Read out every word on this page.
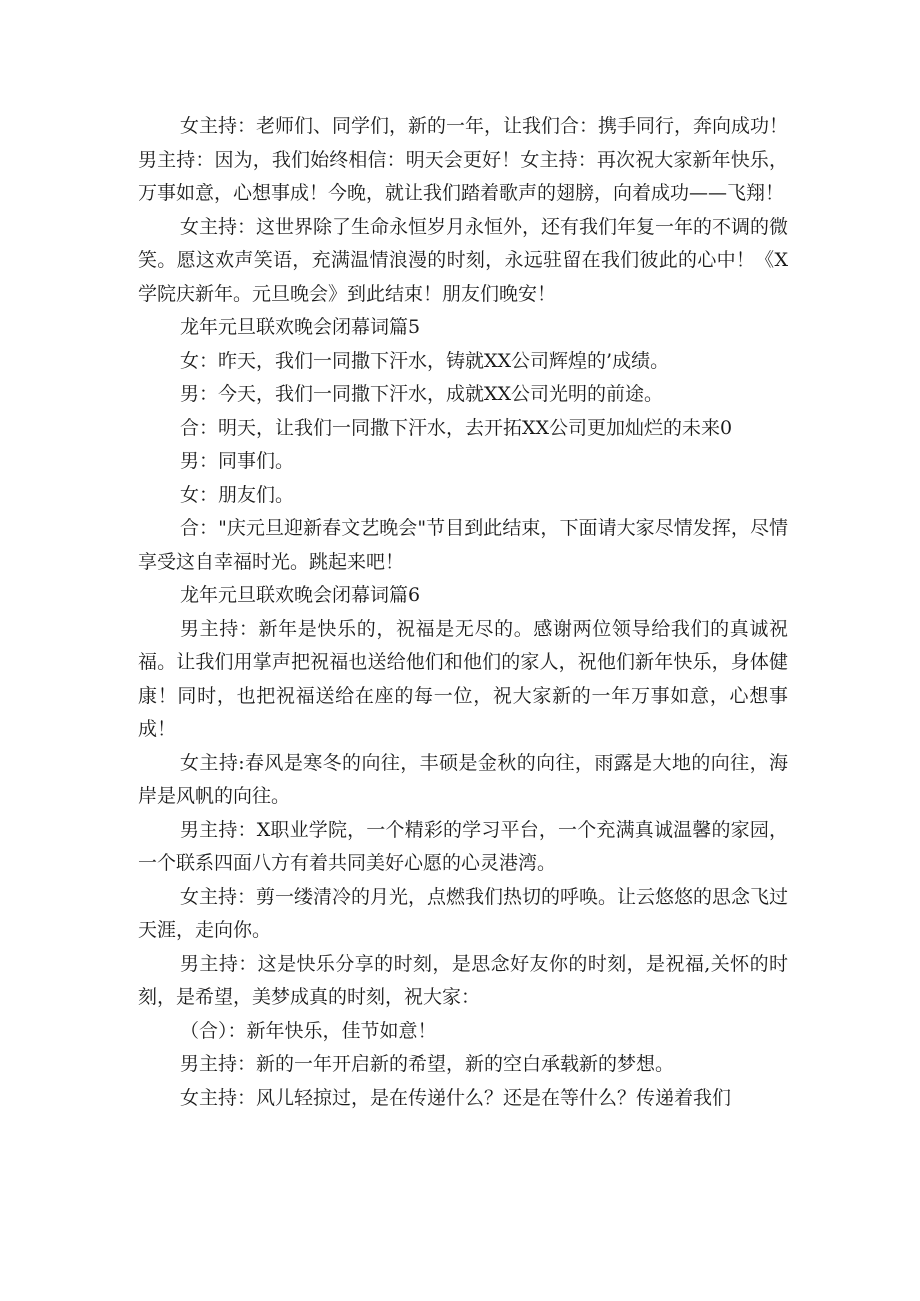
女主持：老师们、同学们，新的一年，让我们合：携手同行，奔向成功！男主持：因为，我们始终相信：明天会更好！女主持：再次祝大家新年快乐，万事如意，心想事成！今晚，就让我们踏着歌声的翅膀，向着成功——飞翔！

女主持：这世界除了生命永恒岁月永恒外，还有我们年复一年的不调的微笑。愿这欢声笑语，充满温情浪漫的时刻，永远驻留在我们彼此的心中！《X学院庆新年。元旦晚会》到此结束！朋友们晚安！

龙年元旦联欢晚会闭幕词篇5

女：昨天，我们一同撒下汗水，铸就XX公司辉煌的’成绩。

男：今天，我们一同撒下汗水，成就XX公司光明的前途。

合：明天，让我们一同撒下汗水，去开拓XX公司更加灿烂的未来0

男：同事们。

女：朋友们。

合："庆元旦迎新春文艺晚会"节目到此结束，下面请大家尽情发挥，尽情享受这自幸福时光。跳起来吧！

龙年元旦联欢晚会闭幕词篇6

男主持：新年是快乐的，祝福是无尽的。感谢两位领导给我们的真诚祝福。让我们用掌声把祝福也送给他们和他们的家人，祝他们新年快乐，身体健康！同时，也把祝福送给在座的每一位，祝大家新的一年万事如意，心想事成！

女主持:春风是寒冬的向往，丰硕是金秋的向往，雨露是大地的向往，海岸是风帆的向往。

男主持：X职业学院，一个精彩的学习平台，一个充满真诚温馨的家园，一个联系四面八方有着共同美好心愿的心灵港湾。

女主持：剪一缕清冷的月光，点燃我们热切的呼唤。让云悠悠的思念飞过天涯，走向你。

男主持：这是快乐分享的时刻，是思念好友你的时刻，是祝福,关怀的时刻，是希望，美梦成真的时刻，祝大家：

（合）：新年快乐，佳节如意！

男主持：新的一年开启新的希望，新的空白承载新的梦想。

女主持：风儿轻掠过，是在传递什么？还是在等什么？传递着我们
